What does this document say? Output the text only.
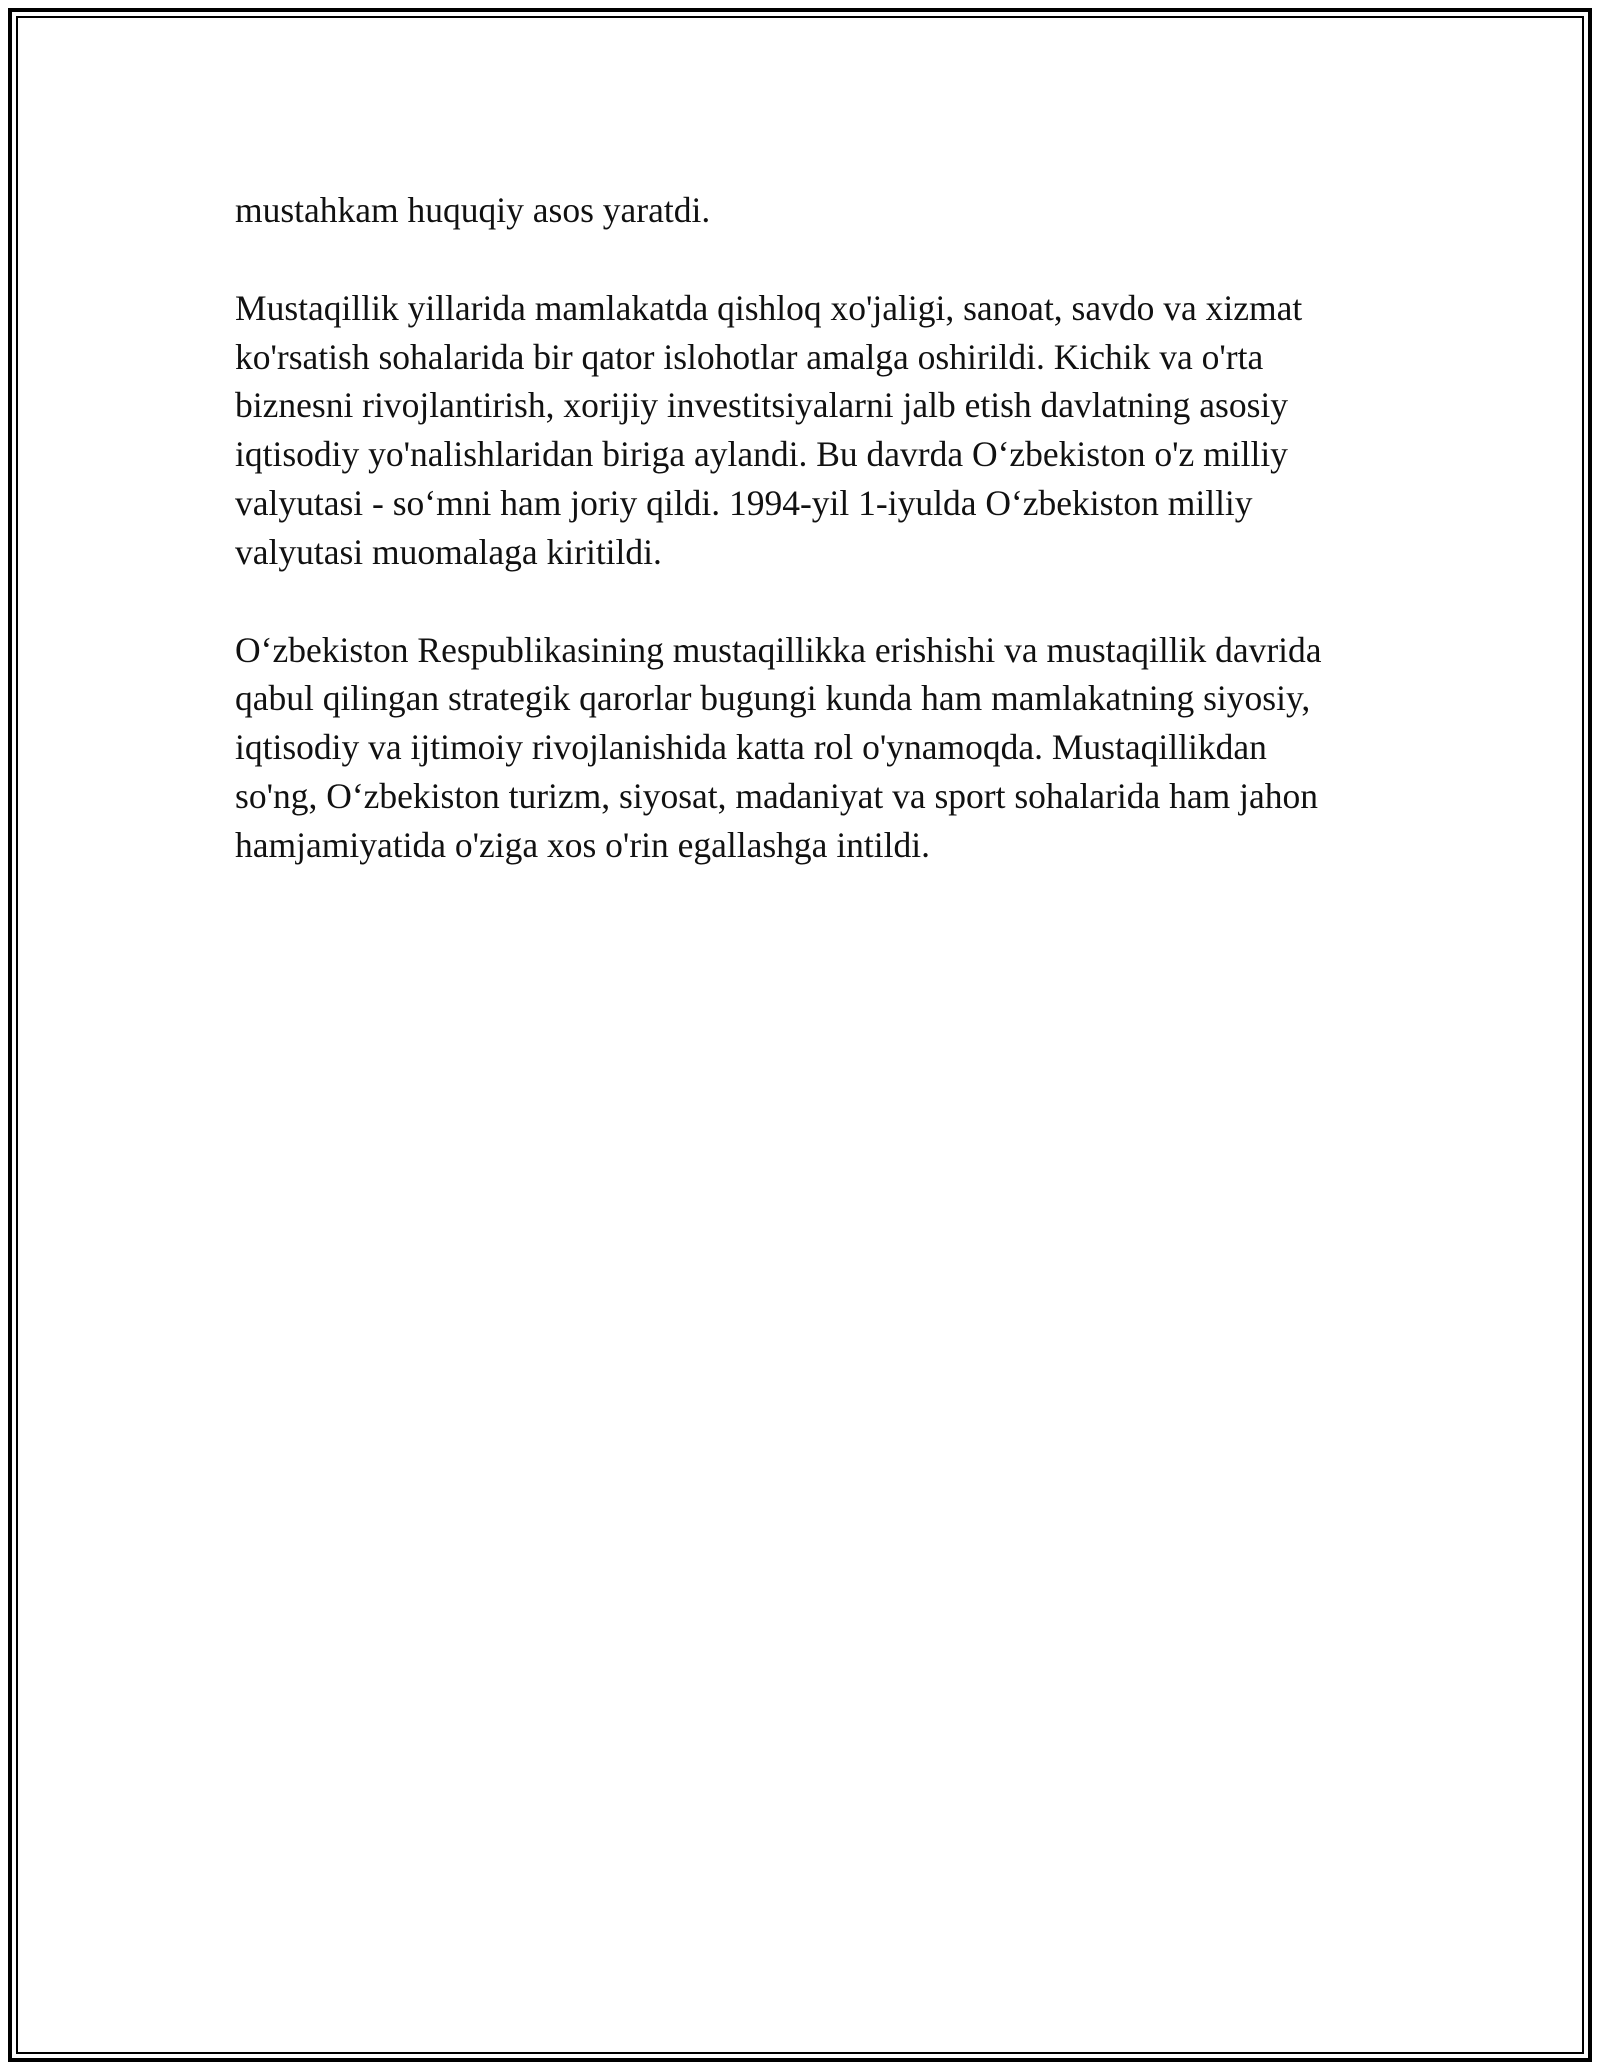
mustahkam huquqiy asos yaratdi.

Mustaqillik yillarida mamlakatda qishloq xo'jaligi, sanoat, savdo va xizmat
ko'rsatish sohalarida bir qator islohotlar amalga oshirildi. Kichik va o'rta
biznesni rivojlantirish, xorijiy investitsiyalarni jalb etish davlatning asosiy
iqtisodiy yo'nalishlaridan biriga aylandi. Bu davrda O‘zbekiston o'z milliy
valyutasi - so‘mni ham joriy qildi. 1994-yil 1-iyulda O‘zbekiston milliy
valyutasi muomalaga kiritildi.

O‘zbekiston Respublikasining mustaqillikka erishishi va mustaqillik davrida
qabul qilingan strategik qarorlar bugungi kunda ham mamlakatning siyosiy,
iqtisodiy va ijtimoiy rivojlanishida katta rol o'ynamoqda. Mustaqillikdan
so'ng, O‘zbekiston turizm, siyosat, madaniyat va sport sohalarida ham jahon
hamjamiyatida o'ziga xos o'rin egallashga intildi.
